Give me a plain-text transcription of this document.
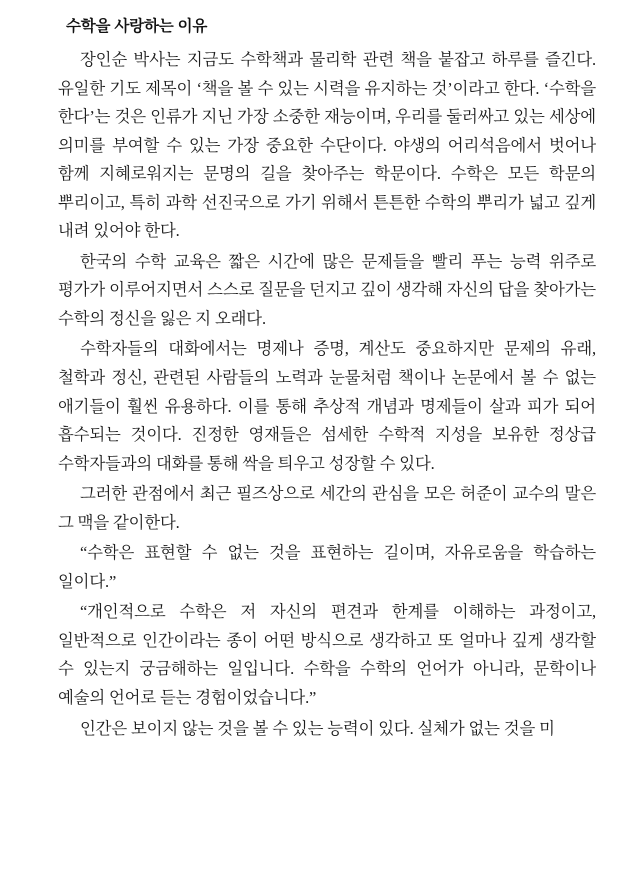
수학을 사랑하는 이유

장인순 박사는 지금도 수학책과 물리학 관련 책을 붙잡고 하루를 즐긴다. 유일한 기도 제목이 ‘책을 볼 수 있는 시력을 유지하는 것’이라고 한다. ‘수학을 한다’는 것은 인류가 지닌 가장 소중한 재능이며, 우리를 둘러싸고 있는 세상에 의미를 부여할 수 있는 가장 중요한 수단이다. 야생의 어리석음에서 벗어나 함께 지혜로워지는 문명의 길을 찾아주는 학문이다. 수학은 모든 학문의 뿌리이고, 특히 과학 선진국으로 가기 위해서 튼튼한 수학의 뿌리가 넓고 깊게 내려 있어야 한다.

한국의 수학 교육은 짧은 시간에 많은 문제들을 빨리 푸는 능력 위주로 평가가 이루어지면서 스스로 질문을 던지고 깊이 생각해 자신의 답을 찾아가는 수학의 정신을 잃은 지 오래다.

수학자들의 대화에서는 명제나 증명, 계산도 중요하지만 문제의 유래, 철학과 정신, 관련된 사람들의 노력과 눈물처럼 책이나 논문에서 볼 수 없는 애기들이 훨씬 유용하다. 이를 통해 추상적 개념과 명제들이 살과 피가 되어 흡수되는 것이다. 진정한 영재들은 섬세한 수학적 지성을 보유한 정상급 수학자들과의 대화를 통해 싹을 틔우고 성장할 수 있다.

그러한 관점에서 최근 필즈상으로 세간의 관심을 모은 허준이 교수의 말은 그 맥을 같이한다.

“수학은 표현할 수 없는 것을 표현하는 길이며, 자유로움을 학습하는 일이다.”

“개인적으로 수학은 저 자신의 편견과 한계를 이해하는 과정이고, 일반적으로 인간이라는 종이 어떤 방식으로 생각하고 또 얼마나 깊게 생각할 수 있는지 궁금해하는 일입니다. 수학을 수학의 언어가 아니라, 문학이나 예술의 언어로 듣는 경험이었습니다.”

인간은 보이지 않는 것을 볼 수 있는 능력이 있다. 실체가 없는 것을 미
